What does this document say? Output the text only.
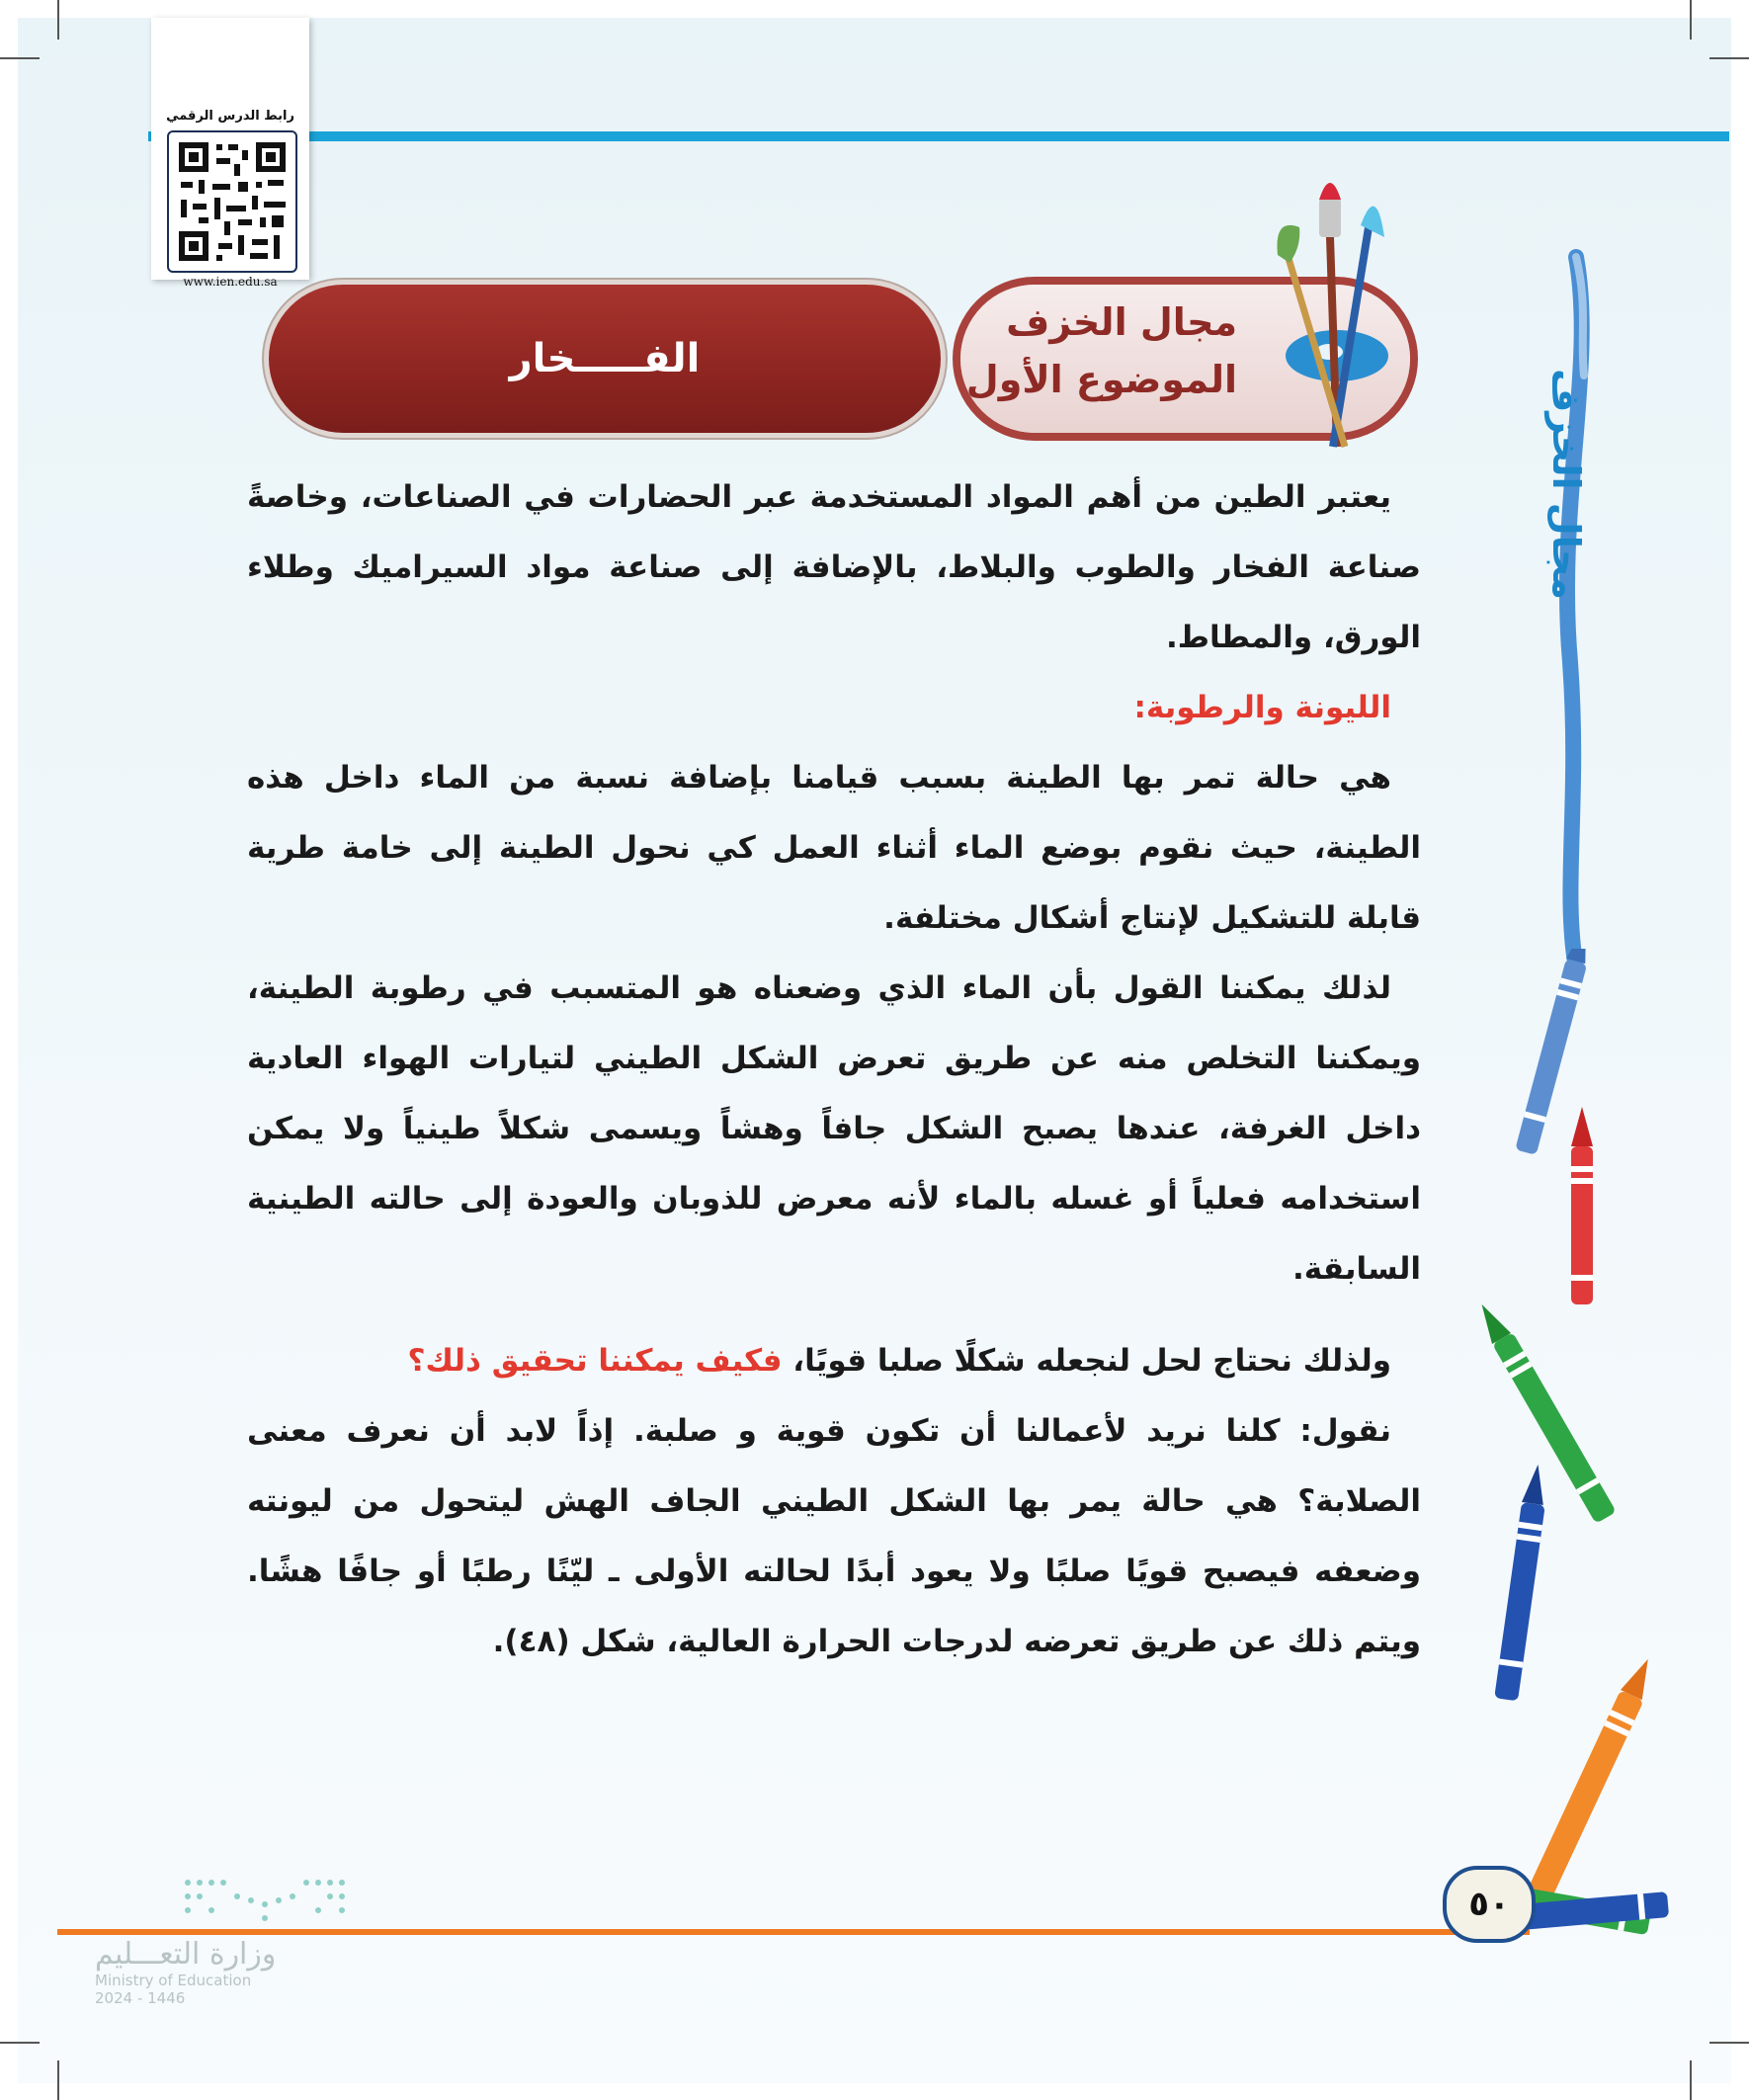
رابط الدرس الرقمي
www.ien.edu.sa
الفـــــخار
مجال الخزف
الموضوع الأول	مجال الخزف

يعتبر الطين من أهم المواد المستخدمة عبر الحضارات في الصناعات، وخاصةً صناعة الفخار والطوب والبلاط، بالإضافة إلى صناعة مواد السيراميك وطلاء الورق، والمطاط.

الليونة والرطوبة:

هي حالة تمر بها الطينة بسبب قيامنا بإضافة نسبة من الماء داخل هذه الطينة، حيث نقوم بوضع الماء أثناء العمل كي نحول الطينة إلى خامة طرية قابلة للتشكيل لإنتاج أشكال مختلفة.

لذلك يمكننا القول بأن الماء الذي وضعناه هو المتسبب في رطوبة الطينة، ويمكننا التخلص منه عن طريق تعرض الشكل الطيني لتيارات الهواء العادية داخل الغرفة، عندها يصبح الشكل جافاً وهشاً ويسمى شكلاً طينياً ولا يمكن استخدامه فعلياً أو غسله بالماء لأنه معرض للذوبان والعودة إلى حالته الطينية السابقة.

ولذلك نحتاج لحل لنجعله شكلًا صلبا قويًا، فكيف يمكننا تحقيق ذلك؟

نقول: كلنا نريد لأعمالنا أن تكون قوية و صلبة. إذاً لابد أن نعرف معنى الصلابة؟ هي حالة يمر بها الشكل الطيني الجاف الهش ليتحول من ليونته وضعفه فيصبح قويًا صلبًا ولا يعود أبدًا لحالته الأولى ـ ليّنًا رطبًا أو جافًا هشًا. ويتم ذلك عن طريق تعرضه لدرجات الحرارة العالية، شكل (٤٨).

٥٠

وزارة التعـــليم

Ministry of Education

2024 - 1446
